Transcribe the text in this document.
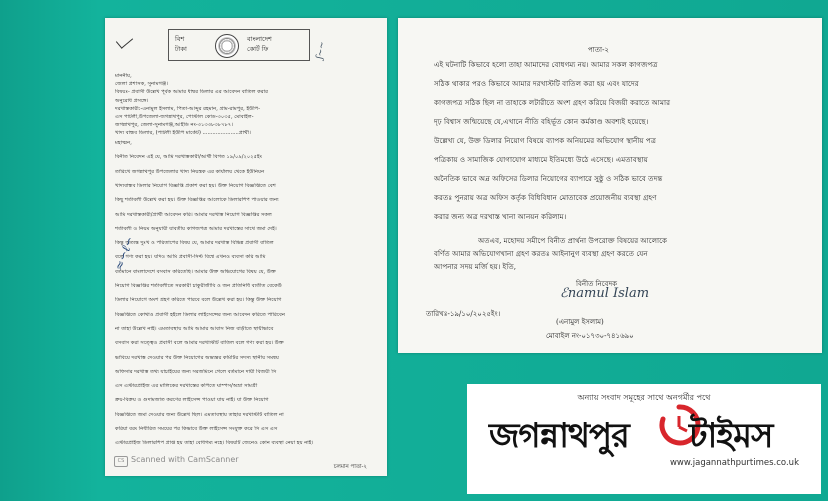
বিশ
টাকা
বাংলাদেশ
কোর্ট ফি	ʃ~~
মাননীয়,
জেলা প্রশাসক, সুনামগঞ্জ।
বিষয়ঃ- প্রবাসী উল্লেখ পূর্বক আমার ধাম্বর ডিলার এর আবেদন বাতিল করার
অনুরোধ প্রসঙ্গে।
দরখাস্তকারী:-এনামুল ইসলাম, পিতা-আব্দুর রহমান, গ্রাম-রামপুর, ইউপি-
এস পাটলী,উপজেলা-জগন্নাথপুর, পোস্টাল কোড-৩০৩৫, মোবাইল-
জগন্নাথপুর, জেলা-সুনামগঞ্জ,আইডি নং-৩১৩৩৮৩৮৭৮৭।
খাদ্য বান্ধব ডিলার, (পাটলী ইউপি মার্কেট) ......................প্রার্থী।
মহাত্মন,
বিনীত নিবেদন এই যে, আমি দরখাস্তকারী/আর্থী বিগত ১৯/০৯/২০২৫ইং
তারিখে জগন্নাথপুর উপজেলার খাদ্য নিয়ন্ত্রক এর কার্যালয় থেকে ইউনিয়ন
খাদ্যবান্ধব ডিলার নিয়োগ বিজ্ঞপ্তি প্রকাশ করা হয়। উক্ত নিয়োগ বিজ্ঞপ্তিতে বেশ
কিছু শর্তাবলী উল্লেখ করা হয়। উক্ত বিজ্ঞপ্তির আলোকে ডিলারশিপ পাওয়ার জন্য
আমি দরখাস্তকারী/প্রার্থী আবেদন করি। আমার দরখাস্ত নিয়োগ বিজ্ঞপ্তির সকল
শর্তাবলী ও নিয়ম অনুযায়ী যাবতীয় কাগজপত্র আমার দরখাস্তের সাথে জমা দেই।
কিন্তু অত্যন্ত দুঃখ ও পরিতাপের বিষয় যে, আমার দরখাস্ত বিভিন্ন প্রবাসী বাতিল
বলে গণ্য করা হয়। যদিও আমি প্রবাসী-সিল্ট বিশ্বে এখনও ব্যবসা করি আমি
বর্তমানে বাংলাদেশে বসবাস করিতেছি। আমার উক্ত অভিযোগের বিষয় যে, উক্ত
নিয়োগ বিজ্ঞপ্তির শর্তাবলীতে সরকারী চাকুরীজীবি ও জন প্রতিনিধি ব্যতীত বেকেউ
ডিলার নিয়োগে অংশ গ্রহণ করিতে পারবে বলে উল্লেখ করা হয়। কিন্তু উক্ত নিয়োগ
বিজ্ঞপ্তিতে কোথাও প্রবাসী হইলে ডিলার লাইসেন্সের জন্য আবেদন করিতে পারিবেন
না তাহা উল্লেখ নাই। এমতাবস্থায় আমি আমার আবাস নিজ বাড়ীতে স্থায়ীভাবে
বসবাস করা সত্ত্বেও প্রবাসী বলে আমার দরখাস্টটি বাতিল বলে গণ্য করা হয়। উক্ত
ভাবিয়ে দরখাস্ত দেওয়ার পর উক্ত নিয়োগের অভ্যন্তর কমিটির সদস্য স্থানীয় সমন্বয়
অফিসার দরখাস্ত তথ্য যাচাইয়ের জন্য সরজমিনে গেলে বর্তমানে দায়ী বিজয়ী সি
এস এস্টারপ্রাইজ এর মালিকের দরখাস্তের কপিতে ঘাম্পস/অম্রা সামগ্রী
ক্রয়-বিক্রয় ও গুদামজাত করণের লাইসেন্স পাওয়া যায় নাই। যা উক্ত নিয়োগ
বিজ্ঞপ্তিতে জমা দেওয়ার জন্য উল্লেখ ছিল। এমতাবস্থায় তাহার দরখাস্টটি বাতিল না
করিয়া বরং নির্ধারিত সময়ের পর কিভাবে উক্ত লাইসেন্স সংযুক্ত করে সি এস এস
এস্টারপ্রাইজ ডিলারশিপ প্রাপ্ত হয় তাহা বোধগম্য নহে। বিষয়টি জেনেও কোন ব্যবস্থা নেয়া হয় নাই।
≈∽ℓ∽
CS Scanned with CamScanner
চলমান পাতা-২
পাতা-২
এই ঘটনাটি কিভাবে হলো তাহা আমাদের বোধগম্য নয়। আমার সকল কাগজপত্র
সঠিক থাকার পরও কিভাবে আমার দরখাস্টটি বাতিল করা হয় এবং যাদের
কাগজপত্র সঠিক ছিল না তাহাকে লটারীতে অংশ গ্রহণ করিয়ে বিজয়ী করাতে আমার
দৃঢ় বিশ্বাস জন্মিয়েছে যে,এখানে নীতি বহির্ভূত কোন কর্মকাণ্ড অবশ্যই হয়েছে।
উল্লেখ্য যে, উক্ত ডিলার নিয়োগ বিষয়ে ব্যাপক অনিয়মের অভিযোগ স্থানীয় পত্র
পত্রিকায় ও সামাজিক যোগাযোগ মাধ্যমে ইতিমধ্যে উঠে এসেছে। এমতাবস্থায়
অনৈতিক ভাবে অন্র অফিসের ডিলার নিয়োগের ব্যাপারে সুষ্ঠু ও সঠিক ভাবে তদন্ত
করতঃ পুনরায় অত্র অফিস কর্তৃক বিধিবিধান মোতাবেক প্রয়োজনীয় ব্যবস্থা গ্রহণ
করার জন্য অত্র দরখাস্ত খানা আনয়ন করিলাম।
অতএব, মহোদয় সমীপে বিনীত প্রার্থনা উপরোক্ত বিষয়ের আলোকে
বর্ণিত আমার অভিযোগখানা গ্রহণ করতঃ আইনানুগ ব্যবস্থা গ্রহণ করতে যেন
আপনার সদয় মর্জি হয়। ইতি,
বিনীত নিবেদক
ℰnamul Islam
তারিখঃ-১৯/১০/২০২৫ইং।
(এনামুল ইসলাম)
মোবাইল নং-০১৭৩০-৭৪১৬৯০
অন্যায় সংবাদ সমূহের সাথে অনগর্মীর পথে
জগন্নাথপুর টাইমস
www.jagannathpurtimes.co.uk
